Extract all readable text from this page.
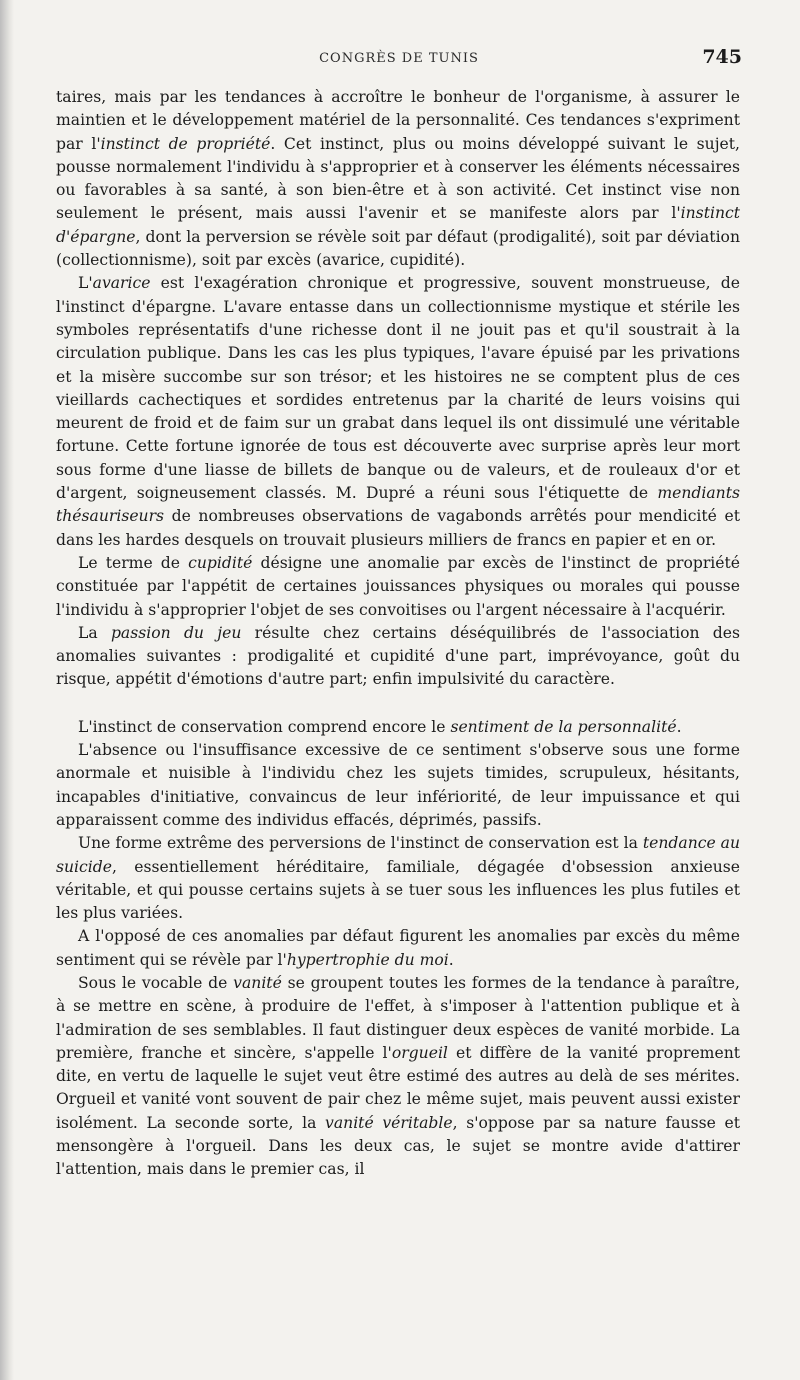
CONGRÈS DE TUNIS	745

taires, mais par les tendances à accroître le bonheur de l'organisme, à assurer le maintien et le développement matériel de la personnalité. Ces tendances s'expriment par l'instinct de propriété. Cet instinct, plus ou moins développé suivant le sujet, pousse normalement l'individu à s'approprier et à conserver les éléments nécessaires ou favorables à sa santé, à son bien-être et à son activité. Cet instinct vise non seulement le présent, mais aussi l'avenir et se manifeste alors par l'instinct d'épargne, dont la perversion se révèle soit par défaut (prodigalité), soit par déviation (collectionnisme), soit par excès (avarice, cupidité).

L'avarice est l'exagération chronique et progressive, souvent monstrueuse, de l'instinct d'épargne. L'avare entasse dans un collectionnisme mystique et stérile les symboles représentatifs d'une richesse dont il ne jouit pas et qu'il soustrait à la circulation publique. Dans les cas les plus typiques, l'avare épuisé par les privations et la misère succombe sur son trésor; et les histoires ne se comptent plus de ces vieillards cachectiques et sordides entretenus par la charité de leurs voisins qui meurent de froid et de faim sur un grabat dans lequel ils ont dissimulé une véritable fortune. Cette fortune ignorée de tous est découverte avec surprise après leur mort sous forme d'une liasse de billets de banque ou de valeurs, et de rouleaux d'or et d'argent, soigneusement classés. M. Dupré a réuni sous l'étiquette de mendiants thésauriseurs de nombreuses observations de vagabonds arrêtés pour mendicité et dans les hardes desquels on trouvait plusieurs milliers de francs en papier et en or.

Le terme de cupidité désigne une anomalie par excès de l'instinct de propriété constituée par l'appétit de certaines jouissances physiques ou morales qui pousse l'individu à s'approprier l'objet de ses convoitises ou l'argent nécessaire à l'acquérir.

La passion du jeu résulte chez certains déséquilibrés de l'association des anomalies suivantes : prodigalité et cupidité d'une part, imprévoyance, goût du risque, appétit d'émotions d'autre part; enfin impulsivité du caractère.

L'instinct de conservation comprend encore le sentiment de la personnalité.

L'absence ou l'insuffisance excessive de ce sentiment s'observe sous une forme anormale et nuisible à l'individu chez les sujets timides, scrupuleux, hésitants, incapables d'initiative, convaincus de leur infériorité, de leur impuissance et qui apparaissent comme des individus effacés, déprimés, passifs.

Une forme extrême des perversions de l'instinct de conservation est la tendance au suicide, essentiellement héréditaire, familiale, dégagée d'obsession anxieuse véritable, et qui pousse certains sujets à se tuer sous les influences les plus futiles et les plus variées.

A l'opposé de ces anomalies par défaut figurent les anomalies par excès du même sentiment qui se révèle par l'hypertrophie du moi.

Sous le vocable de vanité se groupent toutes les formes de la tendance à paraître, à se mettre en scène, à produire de l'effet, à s'imposer à l'attention publique et à l'admiration de ses semblables. Il faut distinguer deux espèces de vanité morbide. La première, franche et sincère, s'appelle l'orgueil et diffère de la vanité proprement dite, en vertu de laquelle le sujet veut être estimé des autres au delà de ses mérites. Orgueil et vanité vont souvent de pair chez le même sujet, mais peuvent aussi exister isolément. La seconde sorte, la vanité véritable, s'oppose par sa nature fausse et mensongère à l'orgueil. Dans les deux cas, le sujet se montre avide d'attirer l'attention, mais dans le premier cas, il
